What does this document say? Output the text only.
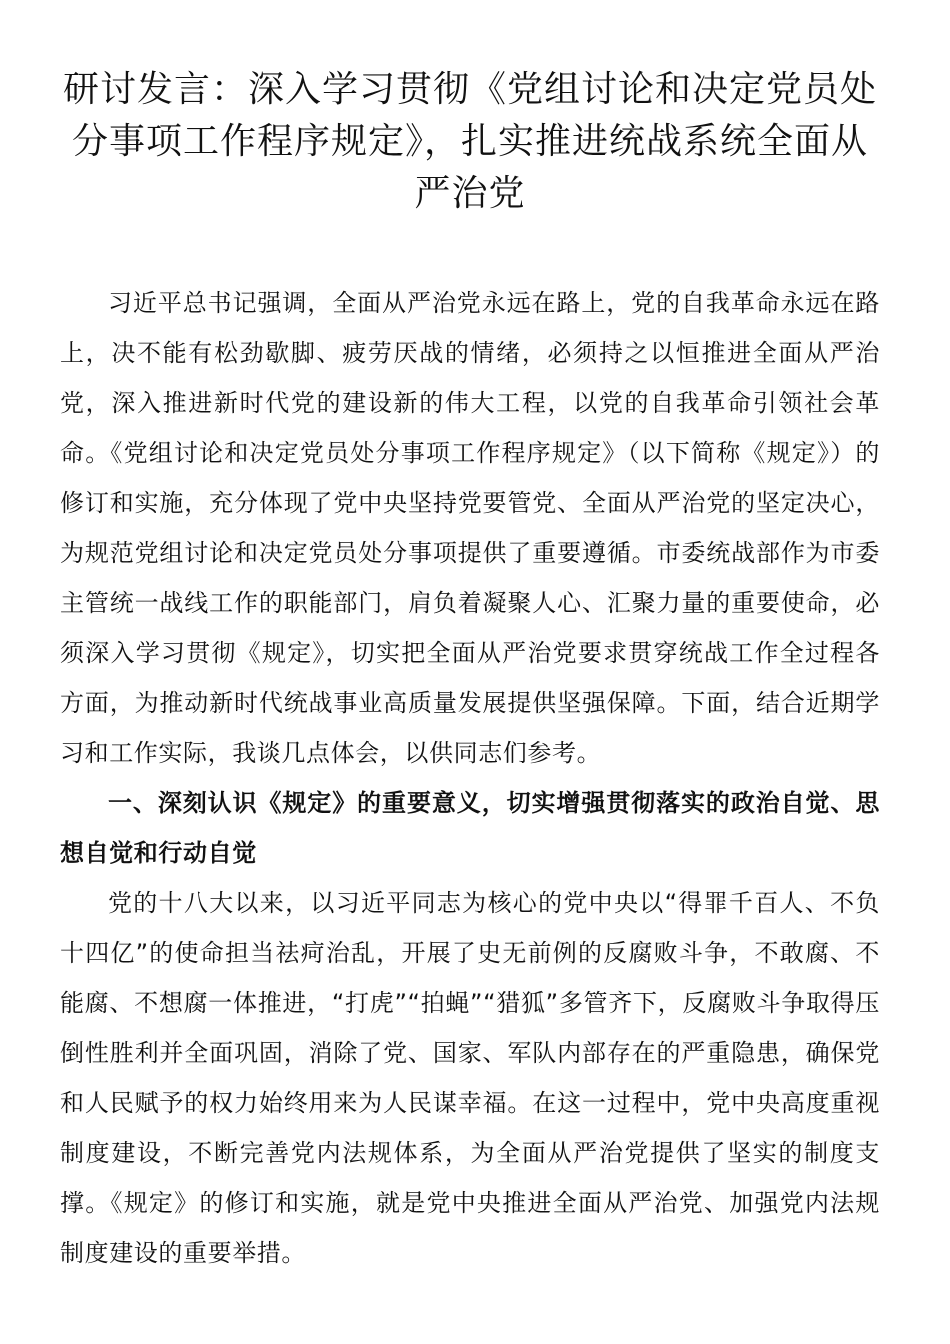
研讨发言：深入学习贯彻《党组讨论和决定党员处分事项工作程序规定》，扎实推进统战系统全面从严治党

习近平总书记强调，全面从严治党永远在路上，党的自我革命永远在路上，决不能有松劲歇脚、疲劳厌战的情绪，必须持之以恒推进全面从严治党，深入推进新时代党的建设新的伟大工程，以党的自我革命引领社会革命。《党组讨论和决定党员处分事项工作程序规定》（以下简称《规定》）的修订和实施，充分体现了党中央坚持党要管党、全面从严治党的坚定决心，为规范党组讨论和决定党员处分事项提供了重要遵循。市委统战部作为市委主管统一战线工作的职能部门，肩负着凝聚人心、汇聚力量的重要使命，必须深入学习贯彻《规定》，切实把全面从严治党要求贯穿统战工作全过程各方面，为推动新时代统战事业高质量发展提供坚强保障。下面，结合近期学习和工作实际，我谈几点体会，以供同志们参考。

一、深刻认识《规定》的重要意义，切实增强贯彻落实的政治自觉、思想自觉和行动自觉

党的十八大以来，以习近平同志为核心的党中央以“得罪千百人、不负十四亿”的使命担当祛疴治乱，开展了史无前例的反腐败斗争，不敢腐、不能腐、不想腐一体推进，“打虎”“拍蝇”“猎狐”多管齐下，反腐败斗争取得压倒性胜利并全面巩固，消除了党、国家、军队内部存在的严重隐患，确保党和人民赋予的权力始终用来为人民谋幸福。在这一过程中，党中央高度重视制度建设，不断完善党内法规体系，为全面从严治党提供了坚实的制度支撑。《规定》的修订和实施，就是党中央推进全面从严治党、加强党内法规制度建设的重要举措。
